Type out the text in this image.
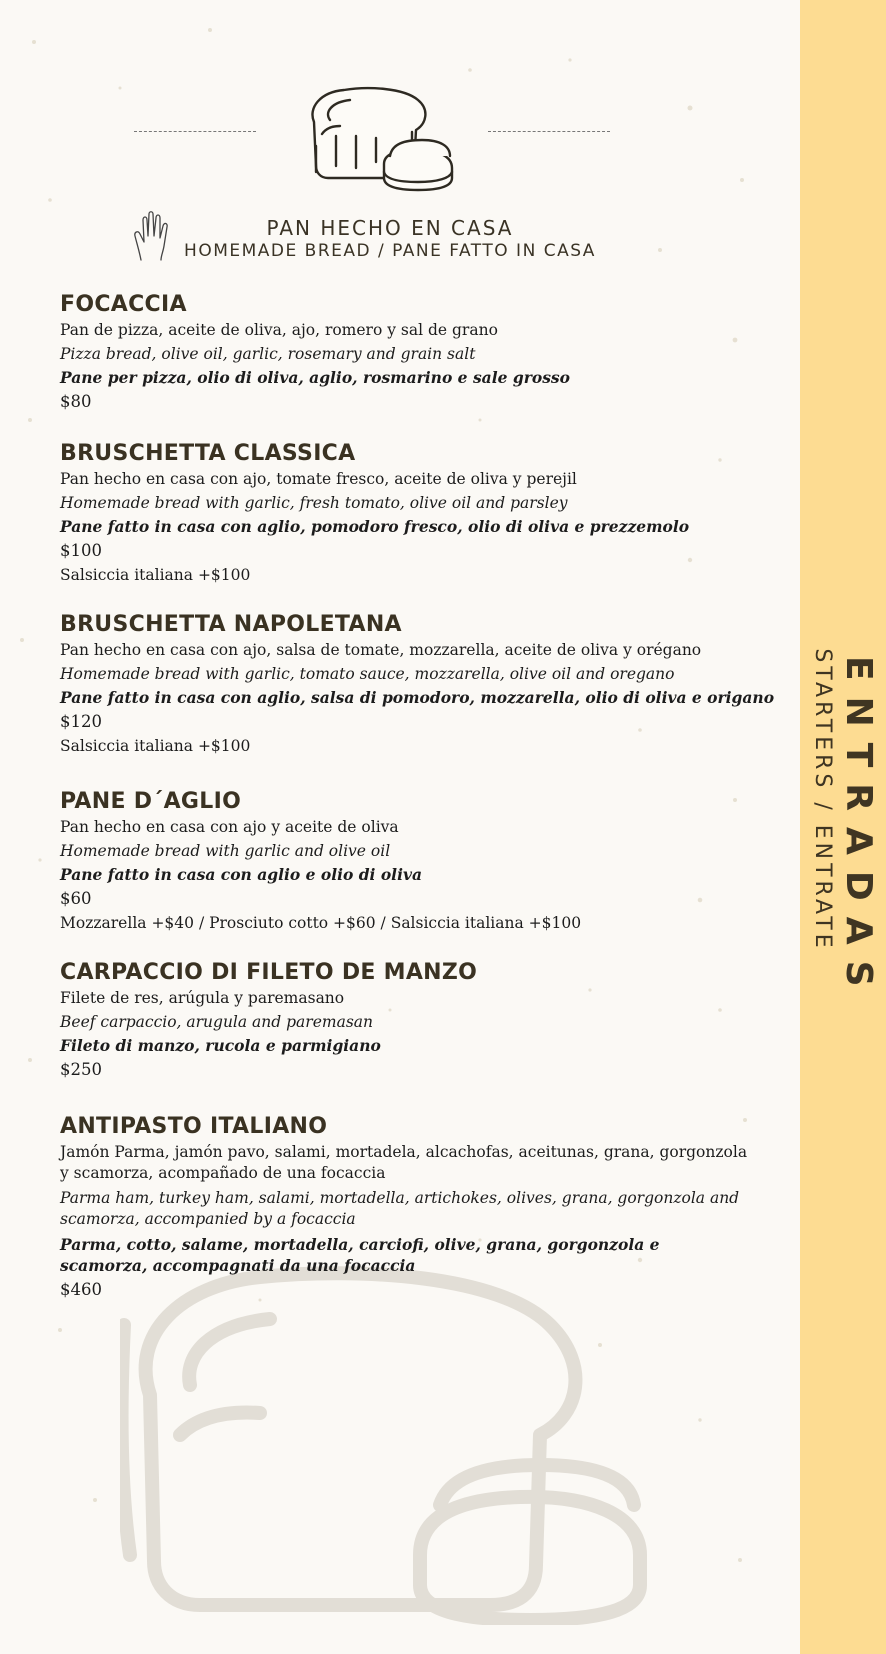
ENTRADAS
STARTERS / ENTRATE
PAN HECHO EN CASA
HOMEMADE BREAD / PANE FATTO IN CASA
FOCACCIA
Pan de pizza, aceite de oliva, ajo, romero y sal de grano
Pizza bread, olive oil, garlic, rosemary and grain salt
Pane per pizza, olio di oliva, aglio, rosmarino e sale grosso
$80
BRUSCHETTA CLASSICA
Pan hecho en casa con ajo, tomate fresco, aceite de oliva y perejil
Homemade bread with garlic, fresh tomato, olive oil and parsley
Pane fatto in casa con aglio, pomodoro fresco, olio di oliva e prezzemolo
$100
Salsiccia italiana +$100
BRUSCHETTA NAPOLETANA
Pan hecho en casa con ajo, salsa de tomate, mozzarella, aceite de oliva y orégano
Homemade bread with garlic, tomato sauce, mozzarella, olive oil and oregano
Pane fatto in casa con aglio, salsa di pomodoro, mozzarella, olio di oliva e origano
$120
Salsiccia italiana +$100
PANE D´AGLIO
Pan hecho en casa con ajo y aceite de oliva
Homemade bread with garlic and olive oil
Pane fatto in casa con aglio e olio di oliva
$60
Mozzarella +$40 / Prosciuto cotto +$60 / Salsiccia italiana +$100
CARPACCIO DI FILETO DE MANZO
Filete de res, arúgula y paremasano
Beef carpaccio, arugula and paremasan
Fileto di manzo, rucola e parmigiano
$250
ANTIPASTO ITALIANO
Jamón Parma, jamón pavo, salami, mortadela, alcachofas, aceitunas, grana, gorgonzola y scamorza, acompañado de una focaccia
Parma ham, turkey ham, salami, mortadella, artichokes, olives, grana, gorgonzola and scamorza, accompanied by a focaccia
Parma, cotto, salame, mortadella, carciofi, olive, grana, gorgonzola e scamorza, accompagnati da una focaccia
$460
